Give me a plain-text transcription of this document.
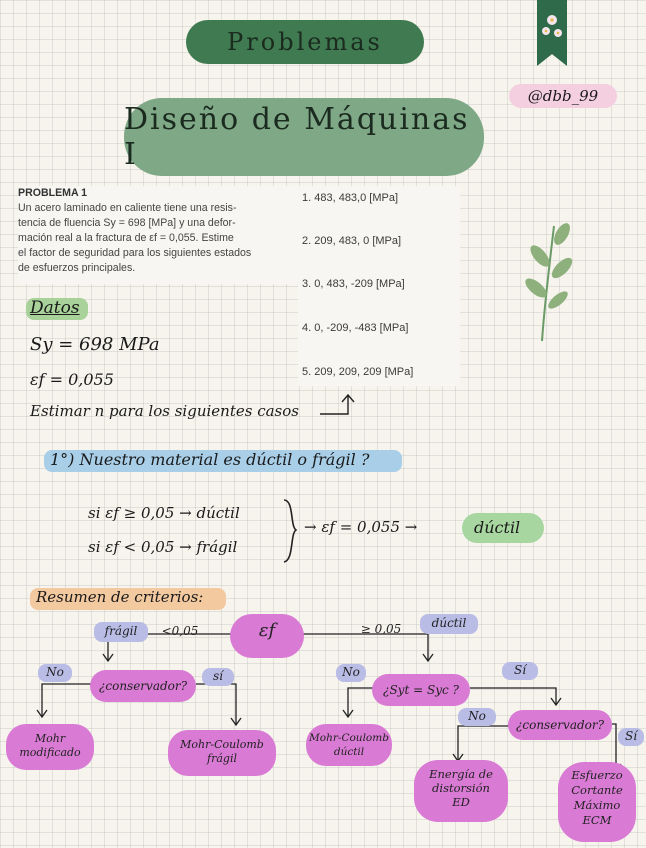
Problemas
@dbb_99
Diseño de Máquinas I
PROBLEMA 1
Un acero laminado en caliente tiene una resis-
tencia de fluencia Sy = 698 [MPa] y una defor-
mación real a la fractura de εf = 0,055. Estime
el factor de seguridad para los siguientes estados
de esfuerzos principales.
1. 483, 483,0 [MPa]
2. 209, 483, 0 [MPa]
3. 0, 483, -209 [MPa]
4. 0, -209, -483 [MPa]
5. 209, 209, 209 [MPa]
Datos
Sy = 698 MPa
εf = 0,055
Estimar n para los siguientes casos
1°) Nuestro material es dúctil o frágil ?
si εf ≥ 0,05 → dúctil
si εf < 0,05 → frágil
→ εf = 0,055 →	dúctil
Resumen de criterios:
εf
frágil	<0,05	≥ 0,05	dúctil
No
¿conservador?
sí
Mohr
modificado
Mohr-Coulomb
frágil
No
¿Syt = Syc ?
Sí
Mohr-Coulomb
dúctil
No
¿conservador?
Sí
Energía de
distorsión
ED
Esfuerzo
Cortante
Máximo
ECM
